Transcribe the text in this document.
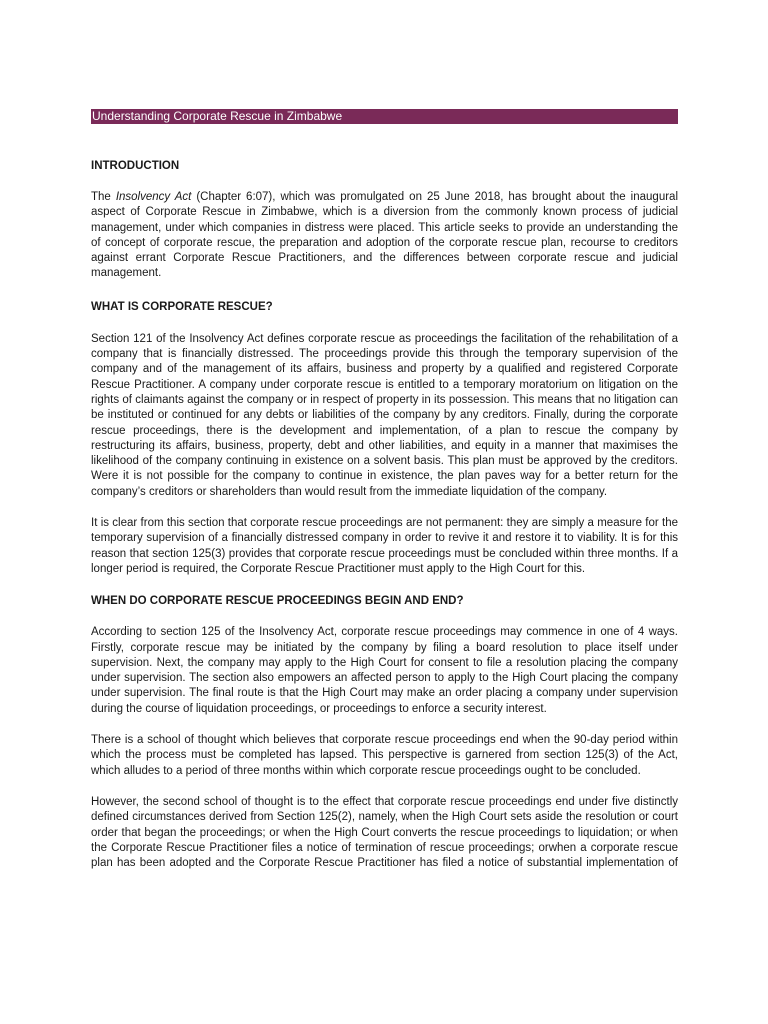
Understanding Corporate Rescue in Zimbabwe
INTRODUCTION

The Insolvency Act (Chapter 6:07), which was promulgated on 25 June 2018, has brought about the inaugural aspect of Corporate Rescue in Zimbabwe, which is a diversion from the commonly known process of judicial management, under which companies in distress were placed. This article seeks to provide an understanding the of concept of corporate rescue, the preparation and adoption of the corporate rescue plan, recourse to creditors against errant Corporate Rescue Practitioners, and the differences between corporate rescue and judicial management.

WHAT IS CORPORATE RESCUE?

Section 121 of the Insolvency Act defines corporate rescue as proceedings the facilitation of the rehabilitation of a company that is financially distressed. The proceedings provide this through the temporary supervision of the company and of the management of its affairs, business and property by a qualified and registered Corporate Rescue Practitioner. A company under corporate rescue is entitled to a temporary moratorium on litigation on the rights of claimants against the company or in respect of property in its possession. This means that no litigation can be instituted or continued for any debts or liabilities of the company by any creditors. Finally, during the corporate rescue proceedings, there is the development and implementation, of a plan to rescue the company by restructuring its affairs, business, property, debt and other liabilities, and equity in a manner that maximises the likelihood of the company continuing in existence on a solvent basis. This plan must be approved by the creditors. Were it is not possible for the company to continue in existence, the plan paves way for a better return for the company’s creditors or shareholders than would result from the immediate liquidation of the company.

It is clear from this section that corporate rescue proceedings are not permanent: they are simply a measure for the temporary supervision of a financially distressed company in order to revive it and restore it to viability. It is for this reason that section 125(3) provides that corporate rescue proceedings must be concluded within three months. If a longer period is required, the Corporate Rescue Practitioner must apply to the High Court for this.

WHEN DO CORPORATE RESCUE PROCEEDINGS BEGIN AND END?

According to section 125 of the Insolvency Act, corporate rescue proceedings may commence in one of 4 ways. Firstly, corporate rescue may be initiated by the company by filing a board resolution to place itself under supervision. Next, the company may apply to the High Court for consent to file a resolution placing the company under supervision. The section also empowers an affected person to apply to the High Court placing the company under supervision. The final route is that the High Court may make an order placing a company under supervision during the course of liquidation proceedings, or proceedings to enforce a security interest.

There is a school of thought which believes that corporate rescue proceedings end when the 90-day period within which the process must be completed has lapsed. This perspective is garnered from section 125(3) of the Act, which alludes to a period of three months within which corporate rescue proceedings ought to be concluded.

However, the second school of thought is to the effect that corporate rescue proceedings end under five distinctly defined circumstances derived from Section 125(2), namely, when the High Court sets aside the resolution or court order that began the proceedings; or when the High Court converts the rescue proceedings to liquidation; or when the Corporate Rescue Practitioner files a notice of termination of rescue proceedings; orwhen a corporate rescue plan has been adopted and the Corporate Rescue Practitioner has filed a notice of substantial implementation of
